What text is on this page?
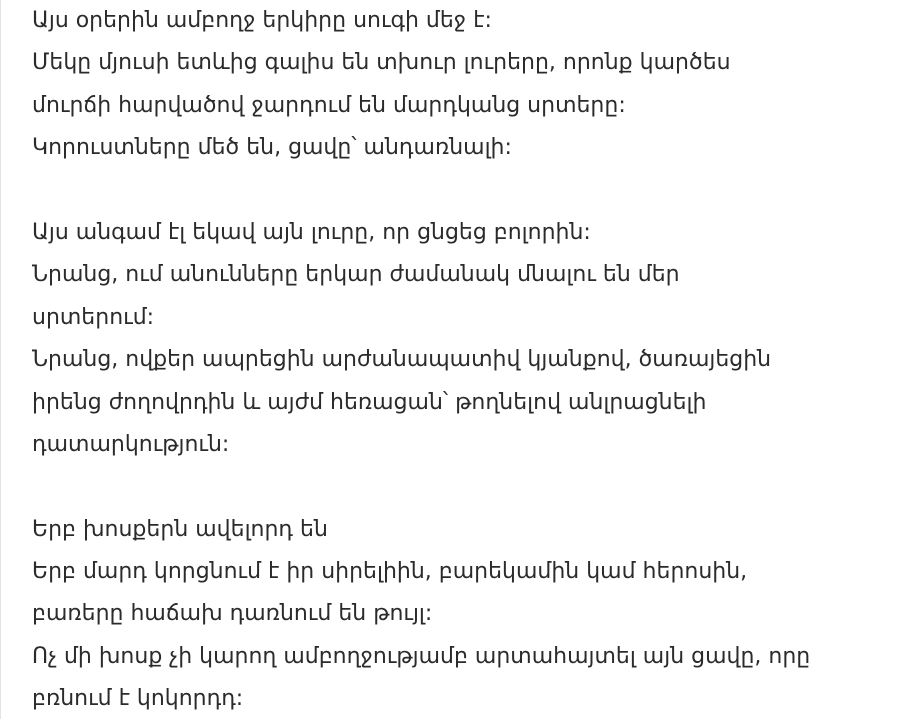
Այս օրերին ամբողջ երկիրը սուգի մեջ է:
Մեկը մյուսի ետևից գալիս են տխուր լուրերը, որոնք կարծես
մուրճի հարվածով ջարդում են մարդկանց սրտերը:
Կորուստները մեծ են, ցավը՝ անդառնալի:
Այս անգամ էլ եկավ այն լուրը, որ ցնցեց բոլորին:
Նրանց, ում անունները երկար ժամանակ մնալու են մեր
սրտերում:
Նրանց, ովքեր ապրեցին արժանապատիվ կյանքով, ծառայեցին
իրենց ժողովրդին և այժմ հեռացան՝ թողնելով անլրացնելի
դատարկություն:
Երբ խոսքերն ավելորդ են
Երբ մարդ կորցնում է իր սիրելիին, բարեկամին կամ հերոսին,
բառերը հաճախ դառնում են թույլ:
Ոչ մի խոսք չի կարող ամբողջությամբ արտահայտել այն ցավը, որը
բռնում է կոկորդդ:
